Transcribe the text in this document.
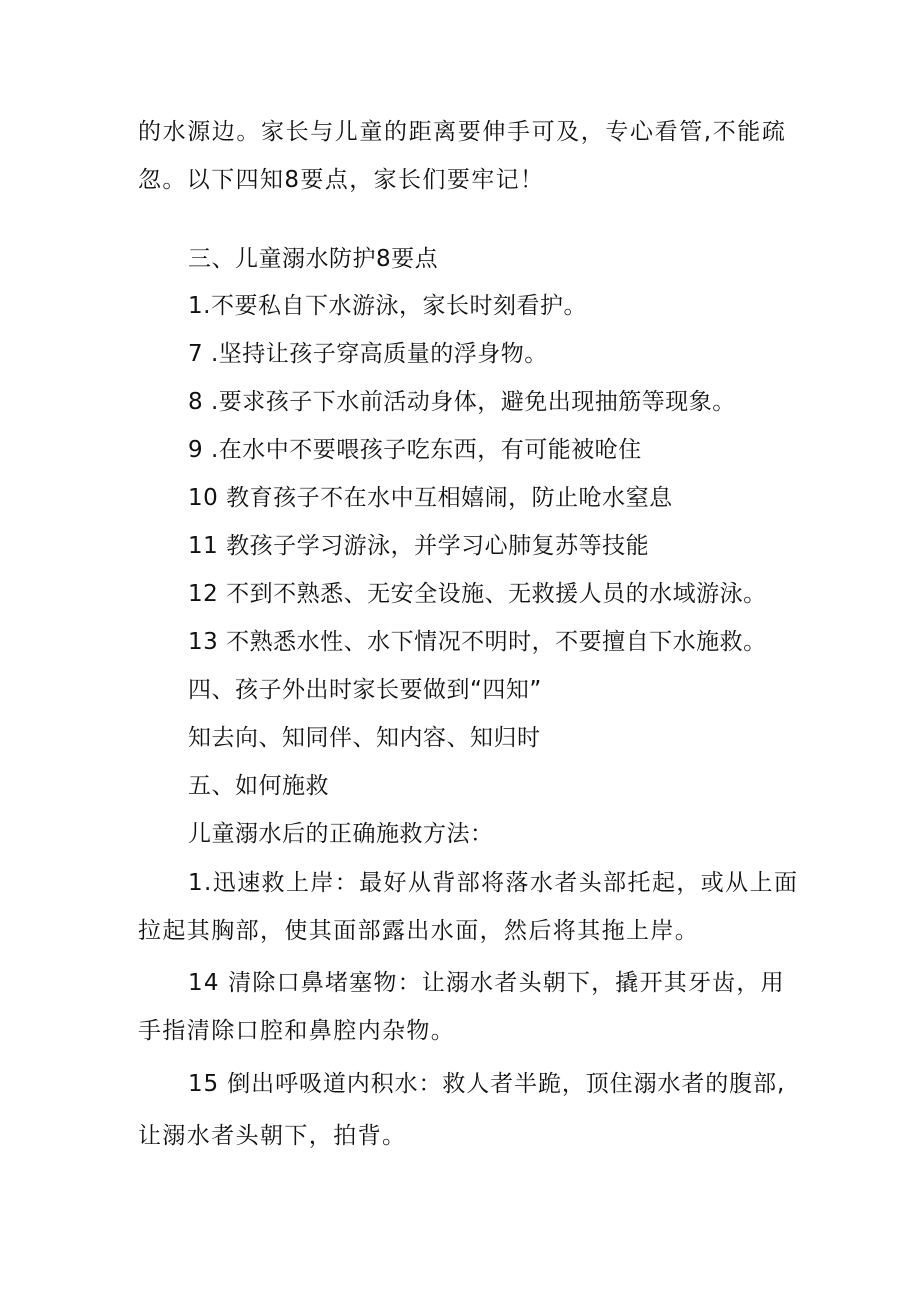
的水源边。家长与儿童的距离要伸手可及，专心看管,不能疏
忽。以下四知8要点，家长们要牢记！
三、儿童溺水防护8要点
1.不要私自下水游泳，家长时刻看护。
7 .坚持让孩子穿高质量的浮身物。
8 .要求孩子下水前活动身体，避免出现抽筋等现象。
9 .在水中不要喂孩子吃东西，有可能被呛住
10 教育孩子不在水中互相嬉闹，防止呛水窒息
11 教孩子学习游泳，并学习心肺复苏等技能
12 不到不熟悉、无安全设施、无救援人员的水域游泳。
13 不熟悉水性、水下情况不明时，不要擅自下水施救。
四、孩子外出时家长要做到“四知”
知去向、知同伴、知内容、知归时
五、如何施救
儿童溺水后的正确施救方法：
1.迅速救上岸：最好从背部将落水者头部托起，或从上面
拉起其胸部，使其面部露出水面，然后将其拖上岸。
14 清除口鼻堵塞物：让溺水者头朝下，撬开其牙齿，用
手指清除口腔和鼻腔内杂物。
15 倒出呼吸道内积水：救人者半跪，顶住溺水者的腹部,
让溺水者头朝下，拍背。
